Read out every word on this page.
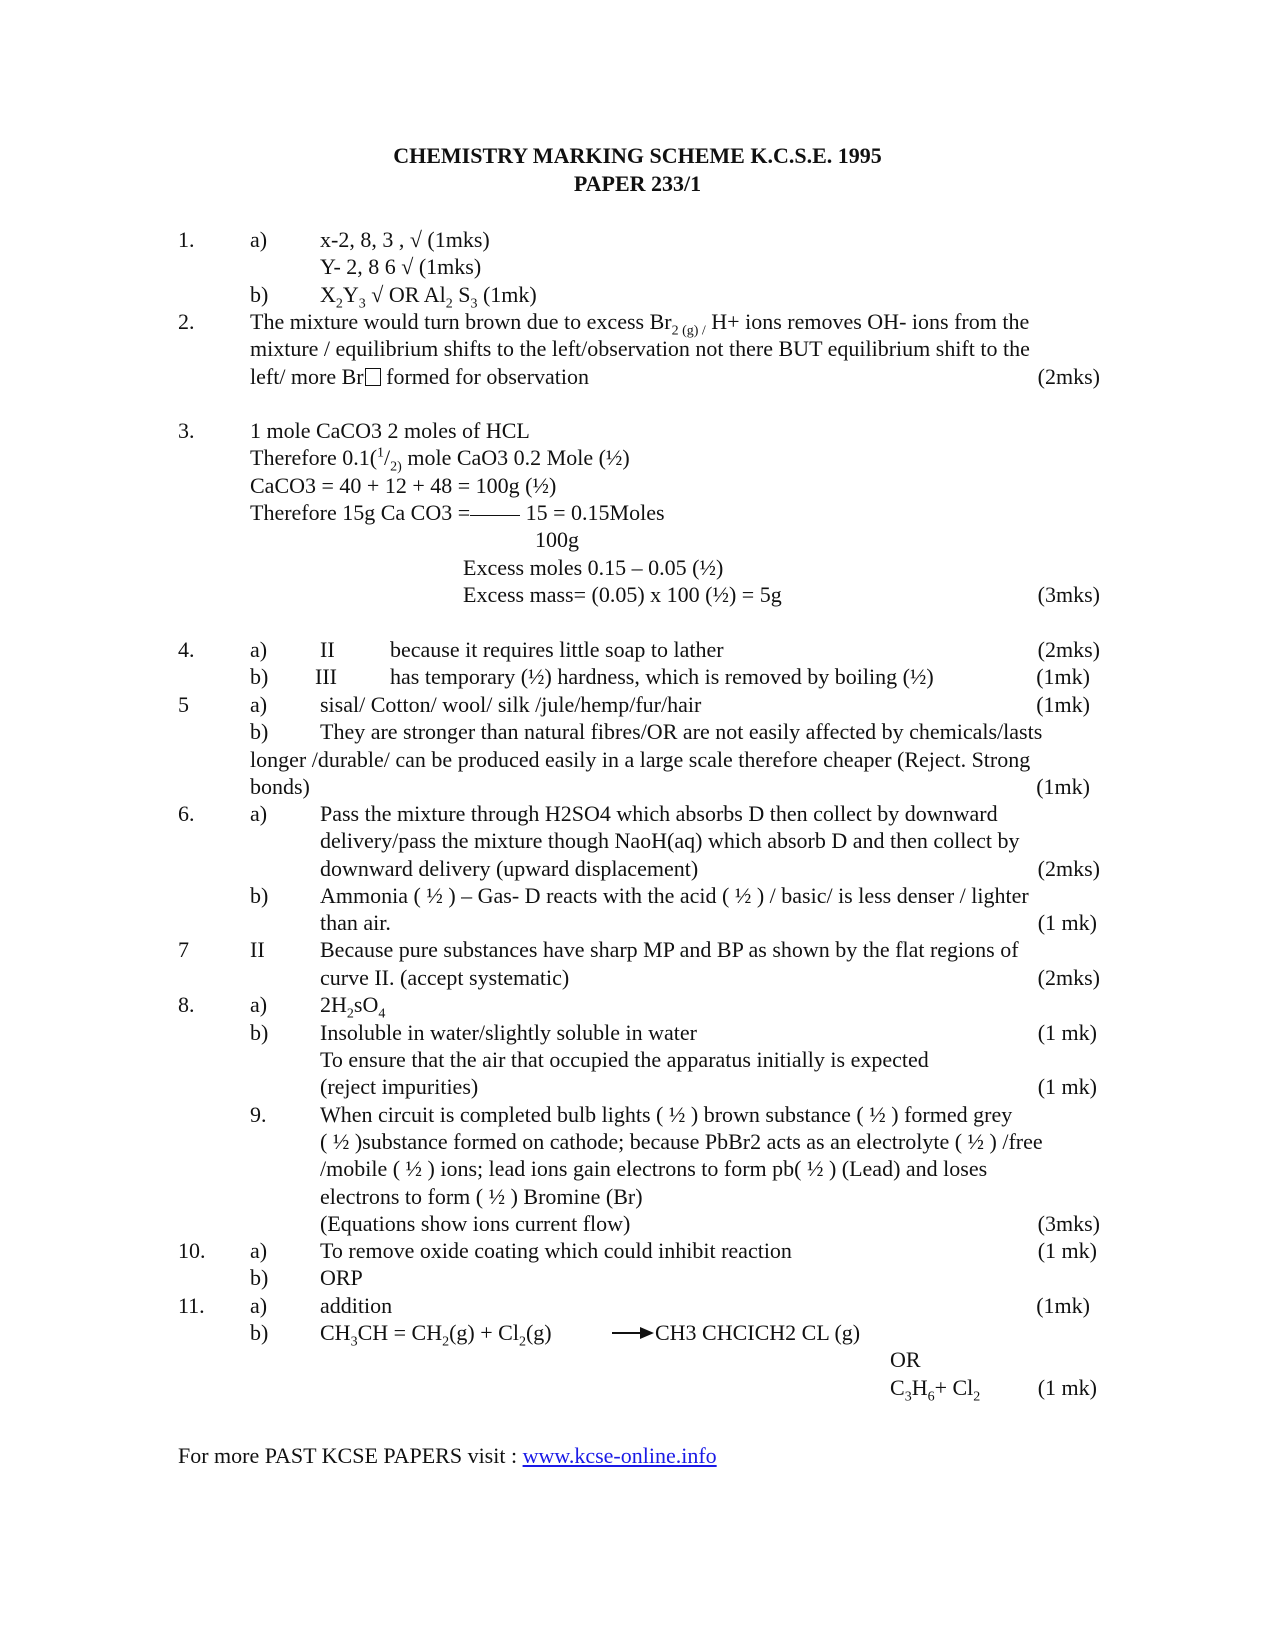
CHEMISTRY MARKING SCHEME K.C.S.E. 1995
PAPER 233/1
1.	a) x-2, 8, 3 , √ (1mks)
Y- 2, 8 6 √ (1mks)
b) $X_2Y_3$ √ OR $Al_2$ $S_3$ (1mk)
2.	The mixture would turn brown due to excess $Br_{2 (g) /}$ H+ ions removes OH- ions from the
mixture / equilibrium shifts to the left/observation not there BUT equilibrium shift to the
left/ more Br formed for observation	(2mks)
3.	1 mole CaCO3 2 moles of HCL
Therefore $0.1(^1/_{2)}$ mole CaO3 0.2 Mole (½)
CaCO3 = 40 + 12 + 48 = 100g (½)
Therefore 15g Ca CO3 = 15 = 0.15Moles
100g
Excess moles 0.15 – 0.05 (½)
Excess mass= (0.05) x 100 (½) = 5g	(3mks)
4.	a) II	because it requires little soap to lather	(2mks)
b) III has temporary (½) hardness, which is removed by boiling (½)	(1mk)
5	a) sisal/ Cotton/ wool/ silk /jule/hemp/fur/hair	(1mk)
b) They are stronger than natural fibres/OR are not easily affected by chemicals/lasts
longer /durable/ can be produced easily in a large scale therefore cheaper (Reject. Strong
bonds)	(1mk)
6.	a) Pass the mixture through H2SO4 which absorbs D then collect by downward
delivery/pass the mixture though NaoH(aq) which absorb D and then collect by
downward delivery (upward displacement)	(2mks)
b) Ammonia ( ½ ) – Gas- D reacts with the acid ( ½ ) / basic/ is less denser / lighter
than air.	(1 mk)
7	II	Because pure substances have sharp MP and BP as shown by the flat regions of
curve II. (accept systematic)	(2mks)
8.	a) $2H_2sO_4$
b) Insoluble in water/slightly soluble in water	(1 mk)
To ensure that the air that occupied the apparatus initially is expected
(reject impurities)	(1 mk)
9. When circuit is completed bulb lights ( ½ ) brown substance ( ½ ) formed grey
( ½ )substance formed on cathode; because PbBr2 acts as an electrolyte ( ½ ) /free
/mobile ( ½ ) ions; lead ions gain electrons to form pb( ½ ) (Lead) and loses
electrons to form ( ½ ) Bromine (Br)
(Equations show ions current flow)	(3mks)
10. a) To remove oxide coating which could inhibit reaction	(1 mk)
b) ORP
11. a) addition	(1mk)
b) $CH_3CH = CH_2(g) + Cl_2(g)$	→ CH3 CHCICH2 CL (g)
OR
$C_3H_6+ Cl_2$	(1 mk)
For more PAST KCSE PAPERS visit : www.kcse-online.info
